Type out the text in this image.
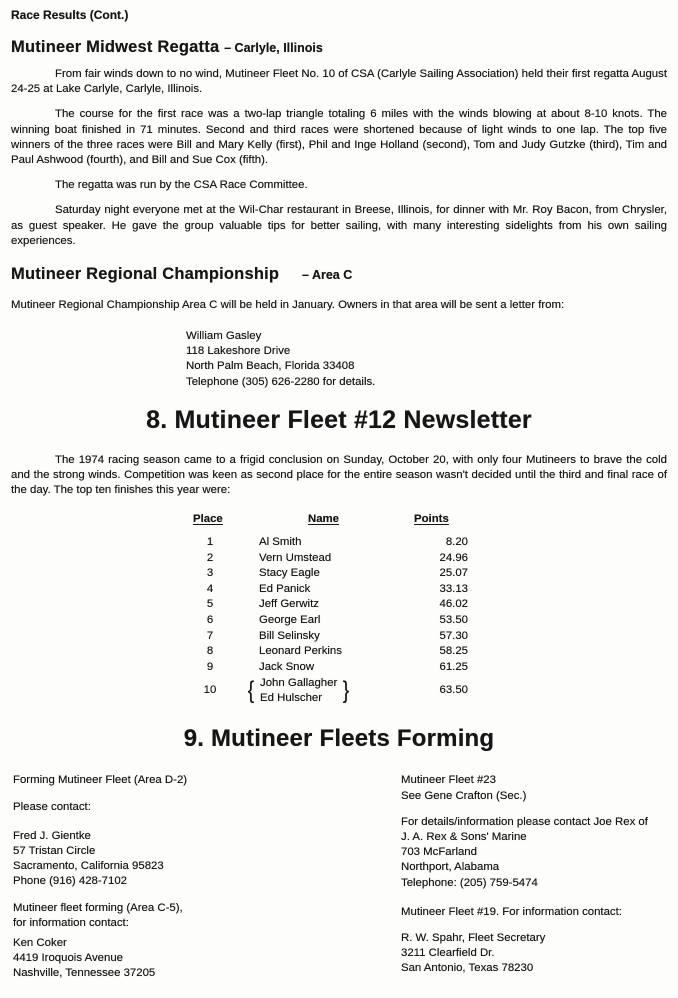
Race Results (Cont.)
Mutineer Midwest Regatta – Carlyle, Illinois

From fair winds down to no wind, Mutineer Fleet No. 10 of CSA (Carlyle Sailing Association) held their first regatta August 24-25 at Lake Carlyle, Carlyle, Illinois.

The course for the first race was a two-lap triangle totaling 6 miles with the winds blowing at about 8-10 knots. The winning boat finished in 71 minutes. Second and third races were shortened because of light winds to one lap. The top five winners of the three races were Bill and Mary Kelly (first), Phil and Inge Holland (second), Tom and Judy Gutzke (third), Tim and Paul Ashwood (fourth), and Bill and Sue Cox (fifth).

The regatta was run by the CSA Race Committee.

Saturday night everyone met at the Wil-Char restaurant in Breese, Illinois, for dinner with Mr. Roy Bacon, from Chrysler, as guest speaker. He gave the group valuable tips for better sailing, with many interesting sidelights from his own sailing experiences.

Mutineer Regional Championship – Area C
Mutineer Regional Championship Area C will be held in January. Owners in that area will be sent a letter from:
William Gasley
118 Lakeshore Drive
North Palm Beach, Florida 33408
Telephone (305) 626-2280 for details.
8. Mutineer Fleet #12 Newsletter

The 1974 racing season came to a frigid conclusion on Sunday, October 20, with only four Mutineers to brave the cold and the strong winds. Competition was keen as second place for the entire season wasn't decided until the third and final race of the day. The top ten finishes this year were:

Place	Name	Points
1	Al Smith	8.20
2	Vern Umstead	24.96
3	Stacy Eagle	25.07
4	Ed Panick	33.13
5	Jeff Gerwitz	46.02
6	George Earl	53.50
7	Bill Selinsky	57.30
8	Leonard Perkins	58.25
9	Jack Snow	61.25
10	{ John Gallagher
Ed Hulscher }	63.50
9. Mutineer Fleets Forming
Forming Mutineer Fleet (Area D-2)
Please contact:
Fred J. Gientke
57 Tristan Circle
Sacramento, California 95823
Phone (916) 428-7102
Mutineer fleet forming (Area C-5),
for information contact:
Ken Coker
4419 Iroquois Avenue
Nashville, Tennessee 37205
Mutineer Fleet #23
See Gene Crafton (Sec.)
For details/information please contact Joe Rex of
J. A. Rex & Sons' Marine
703 McFarland
Northport, Alabama
Telephone: (205) 759-5474
Mutineer Fleet #19. For information contact:
R. W. Spahr, Fleet Secretary
3211 Clearfield Dr.
San Antonio, Texas 78230
